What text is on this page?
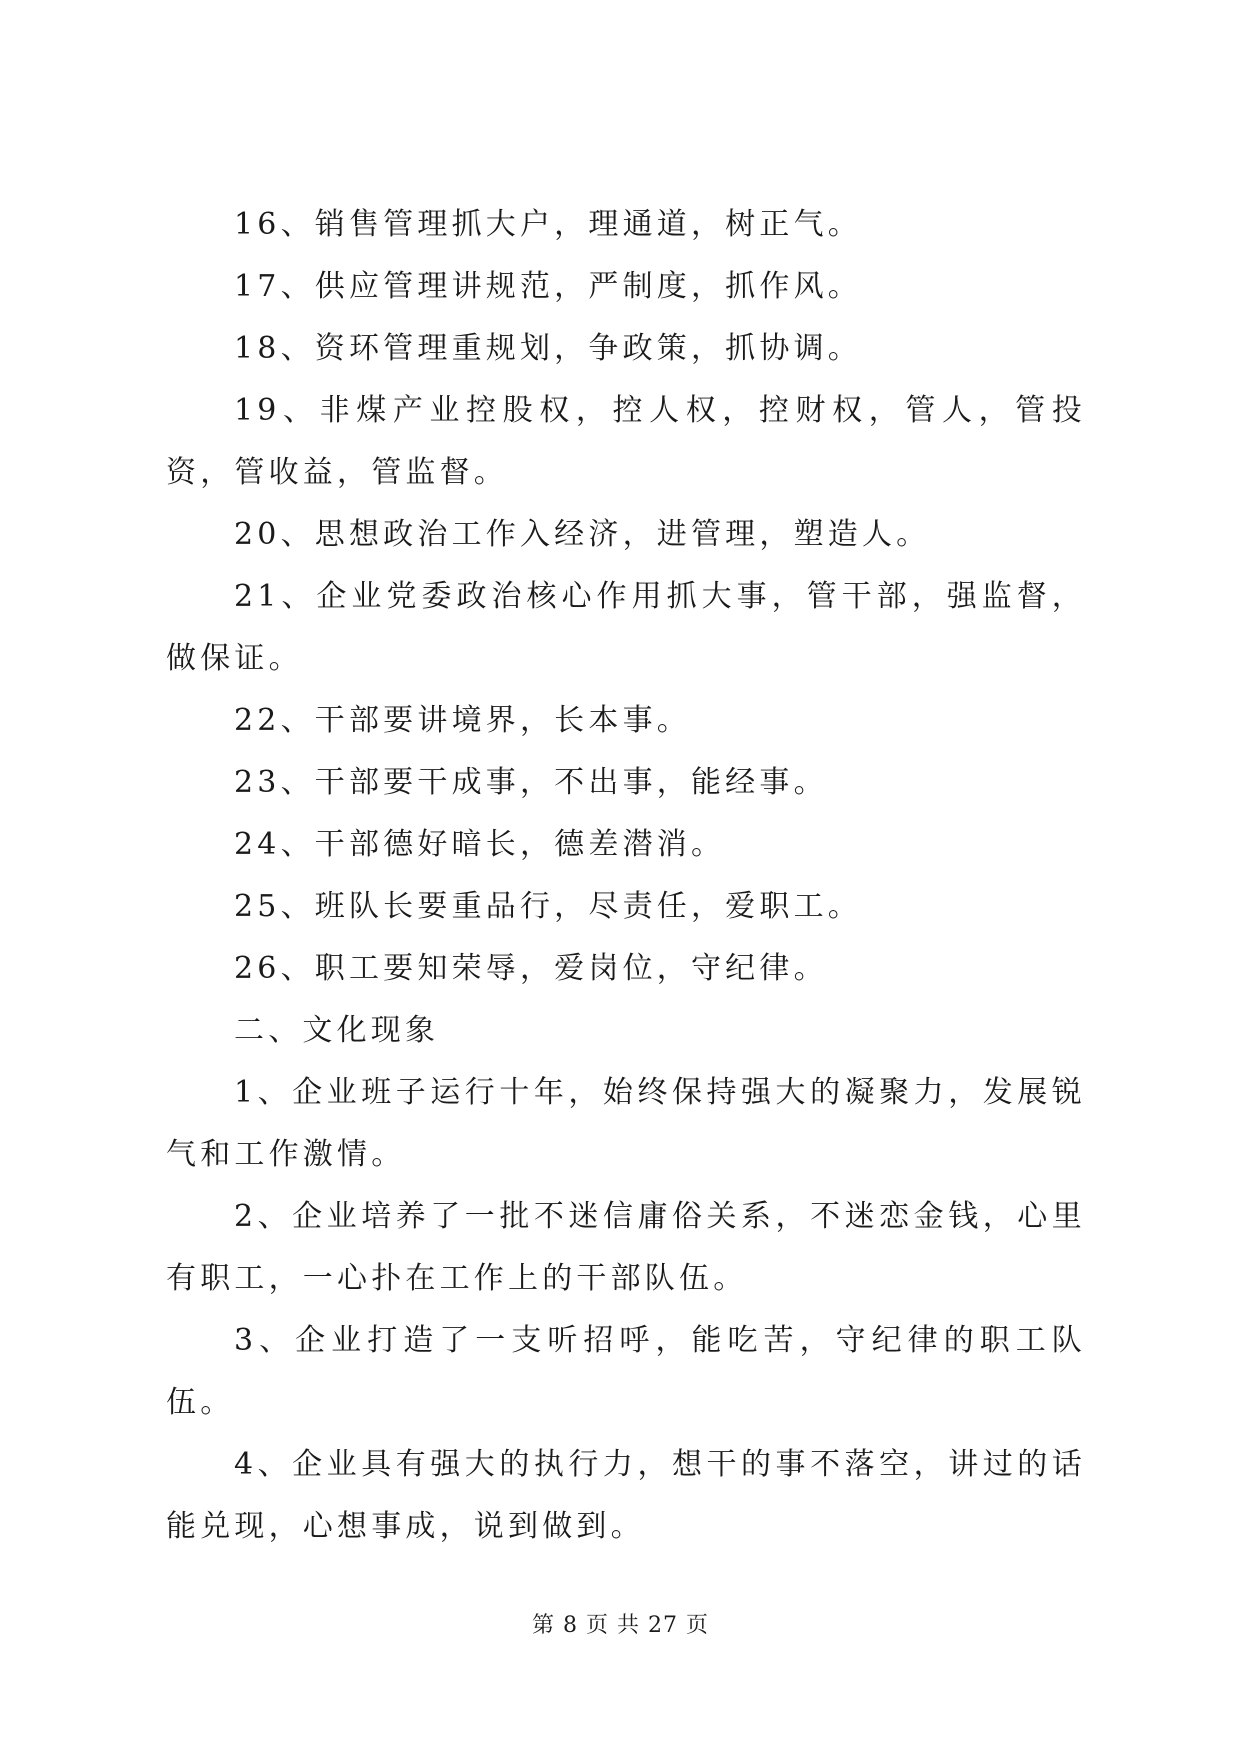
16、销售管理抓大户，理通道，树正气。

17、供应管理讲规范，严制度，抓作风。

18、资环管理重规划，争政策，抓协调。

19、非煤产业控股权，控人权，控财权，管人，管投资，管收益，管监督。

20、思想政治工作入经济，进管理，塑造人。

21、企业党委政治核心作用抓大事，管干部，强监督，做保证。

22、干部要讲境界，长本事。

23、干部要干成事，不出事，能经事。

24、干部德好暗长，德差潜消。

25、班队长要重品行，尽责任，爱职工。

26、职工要知荣辱，爱岗位，守纪律。

二、文化现象

1、企业班子运行十年，始终保持强大的凝聚力，发展锐气和工作激情。

2、企业培养了一批不迷信庸俗关系，不迷恋金钱，心里有职工，一心扑在工作上的干部队伍。

3、企业打造了一支听招呼，能吃苦，守纪律的职工队伍。

4、企业具有强大的执行力，想干的事不落空，讲过的话能兑现，心想事成，说到做到。

第 8 页 共 27 页
